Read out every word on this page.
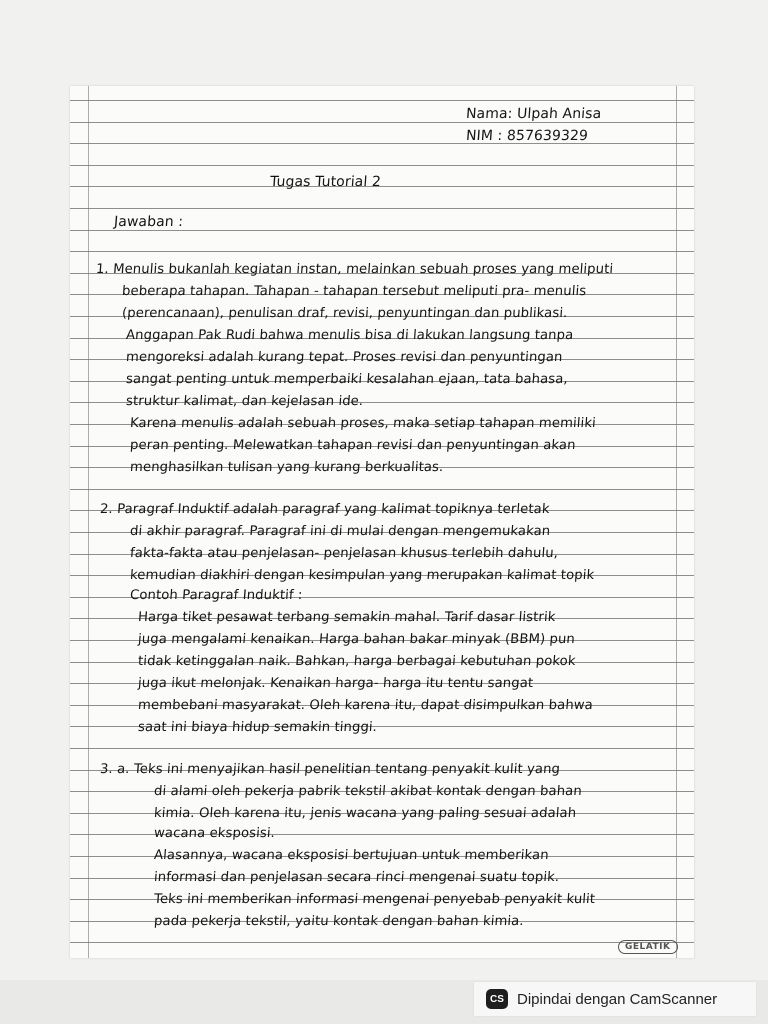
Nama: Ulpah Anisa
NIM : 857639329
Tugas Tutorial 2
Jawaban :
1. Menulis bukanlah kegiatan instan, melainkan sebuah proses yang meliputi
beberapa tahapan. Tahapan - tahapan tersebut meliputi pra- menulis
(perencanaan), penulisan draf, revisi, penyuntingan dan publikasi.
Anggapan Pak Rudi bahwa menulis bisa di lakukan langsung tanpa
mengoreksi adalah kurang tepat. Proses revisi dan penyuntingan
sangat penting untuk memperbaiki kesalahan ejaan, tata bahasa,
struktur kalimat, dan kejelasan ide.
Karena menulis adalah sebuah proses, maka setiap tahapan memiliki
peran penting. Melewatkan tahapan revisi dan penyuntingan akan
menghasilkan tulisan yang kurang berkualitas.
2. Paragraf Induktif adalah paragraf yang kalimat topiknya terletak
di akhir paragraf. Paragraf ini di mulai dengan mengemukakan
fakta-fakta atau penjelasan- penjelasan khusus terlebih dahulu,
kemudian diakhiri dengan kesimpulan yang merupakan kalimat topik
Contoh Paragraf Induktif :
Harga tiket pesawat terbang semakin mahal. Tarif dasar listrik
juga mengalami kenaikan. Harga bahan bakar minyak (BBM) pun
tidak ketinggalan naik. Bahkan, harga berbagai kebutuhan pokok
juga ikut melonjak. Kenaikan harga- harga itu tentu sangat
membebani masyarakat. Oleh karena itu, dapat disimpulkan bahwa
saat ini biaya hidup semakin tinggi.
3. a. Teks ini menyajikan hasil penelitian tentang penyakit kulit yang
di alami oleh pekerja pabrik tekstil akibat kontak dengan bahan
kimia. Oleh karena itu, jenis wacana yang paling sesuai adalah
wacana eksposisi.
Alasannya, wacana eksposisi bertujuan untuk memberikan
informasi dan penjelasan secara rinci mengenai suatu topik.
Teks ini memberikan informasi mengenai penyebab penyakit kulit
pada pekerja tekstil, yaitu kontak dengan bahan kimia.
GELATIK
CS Dipindai dengan CamScanner
